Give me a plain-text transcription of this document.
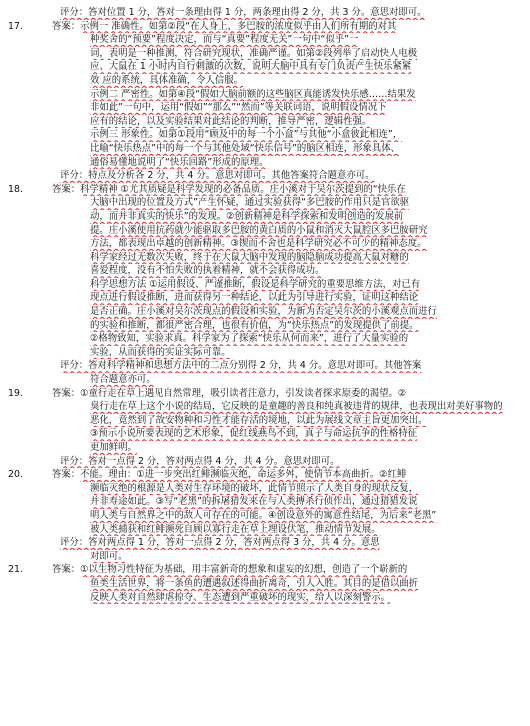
评分：答对位置 1 分，答对一条理由得 1 分，两条理由得 2 分，共 3 分。意思对即可。
17.	答案：示例一 准确性。如第②段“在人身上，多巴胺的浓度似乎由人们所有期的对其
种奖舍的“预要”程度决定，而与“真要”程度无关”一句中“似乎”一
词，表明是一种推测，符合研究现状，准确严谨。如第②段列举了启动快人电极
应、大鼠在 1 小时内自行刺激的次数，说明大脑中具有专门负责产生快乐紧紧
效 应的系统，具体准确，令人信服。
示例二 严密性。如第④段“假如大脑前额的这些脑区真能诱发快乐感……结果发
非如此”一句中，运用“假如”“那么”“然而”等关联词语，说明假设情况下
应有的结论，以及实验结果对此结论的判断，推导严密，逻辑性强。
示例三 形象性。如第①段用“顾及中的每一个小盒”与其他“小盒彼此相连”，
比喻“快乐热点”中的每一个与其他处域“快乐信号”的脑区相连，形象具体、
通俗易懂地说明了“快乐回路”形成的原理。
评分：特点及分析各 2 分，共 4 分。意思对即可。其他答案符合题意亦可。
18.	答案：科学精神 ①尤其质疑是科学发现的必备品质。庄小溪对于吴尔茨提到的“快乐在
大脑中出现的位置及方式”产生怀疑，通过实验获得“多巴胺的作用只是官欲驱
动，而并非真实的快乐”的发现。②创新精神是科学探索和发明创造的发展前
提。庄小溪使用抗药就少能驱取多巴胺的黄白质的小鼠和消灭大鼠腔区多巴胺研究
方法，都表现出卓越的创新精神。③锲而不舍也是科学研究必不可少的精神态度。
科学家经过无数次失败，终于在大鼠大脑中发现的脑隐脑成功提高大鼠对糖的
喜爱程度，没有不怕失败的执着精神，就不会获得成功。
科学思想方法 ①运用假设、严谨推断，假设是科学研究的重要思维方法，对已有
现点进行假设推断，进而获得另一种结论，以此为引导进行实验，证明这种结论
是否正确。庄小溪对吴尔茨现点的假设和实验，为新为否定吴尔茨的小溪观点而进行
的实验和推断，都很严密合理，也很有价值，为“快乐热点”的发现提供了前提。
②格物致知，实验求真。科学家为了探索“快乐从何而来”，进行了大量实验的
实验，从而获得的实证实际可靠。
评分：答对科学精神和思想方法中的二点分别得 2 分，共 4 分。意思对即可。其他答案
符合题意亦可。
19.	答案：①童行走在草上遇见自然常理，吸引读者注意力，引发读者探求原委的渴望。②
臭行走在草上这个小说的结局，它反映的是童趣的善良和纯真被违背的规律，也表现出对美好事物的
恶化，竟然到了故安物种和习性才能存活的境地，以此为展线文章主旨更加突出。
③预示小说所要表现的艺术形象，促红线燕鸟不到，真子与命运抗争的性格特征
更加鲜明。
评分：答对一点得 2 分，答对两点得 4 分，共 4 分。意思对即可。
20.	答案：不能。理由：①进一步突出红鲱濒临灭绝，命运多舛，使情节本高曲折。②红鲱
濒临灭绝的根源是人类对生存环境的破坏，此情节照示了人类自身的现状反复，
并非寿途如此。③写“老黑”的拆屠猎发来在与人类搏杀行侦作出，通过猎猎发说
明人类与自然界之中的敌人可存在的可能。④创设意外的寓意性结尾，为后来“老黑”
被人类捕获和红鲱濒死自顾以寡行走在草上埋设伏笔，推动情节发展。
评分：答对两点得 1 分，答对一点得 2 分，答对两点得 3 分，共 4 分。意思
对即可。
21.	答案：①以生物习性特征为基础，用丰富新奇的想象和虚妄的幻想，创造了一个崭新的
鱼类生活世界，将一条鱼的遭遇叙述得曲折离奇，引人入胜。其目的是借以曲折
反映人类对自然肆虐掠夺、生态遭到严重破坏的现实，给人以深刻警示。
